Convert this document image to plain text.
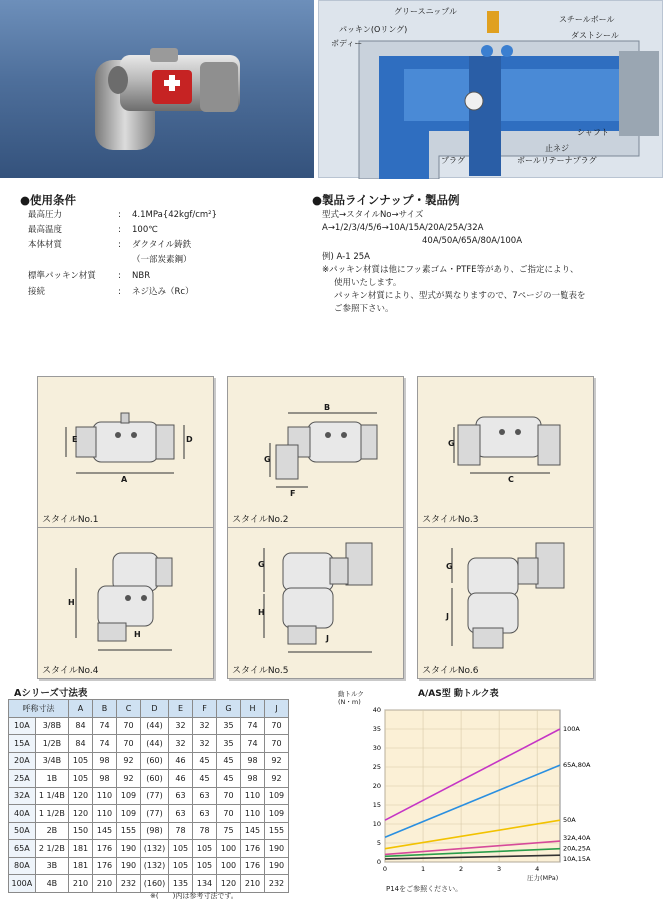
グリースニップル
パッキン(Oリング)
ボディー
スチールボール
ダストシール
シャフト
止ネジ
ボールリテーナプラグ
プラグ
●使用条件
最高圧力	: 4.1MPa{42kgf/cm²}
最高温度	: 100℃
本体材質	: ダクタイル鋳鉄
（一部炭素鋼）
標準パッキン材質	: NBR
接続	: ネジ込み（Rc）
●製品ラインナップ・製品例
型式→スタイルNo→サイズ
A→1/2/3/4/5/6→10A/15A/20A/25A/32A
40A/50A/65A/80A/100A
例) A-1 25A
※パッキン材質は他にフッ素ゴム・PTFE等があり、ご指定により、
使用いたします。
パッキン材質により、型式が異なりますので、7ページの一覧表を
ご参照下さい。
E	D
A
スタイルNo.1
B
G
F
スタイルNo.2
G
C
スタイルNo.3
H
H
スタイルNo.4
G
H
J
スタイルNo.5
G
J
スタイルNo.6
Aシリーズ寸法表
呼称寸法		A	B	C	D	E	F	G	H	J
10A	3/8B	84	74	70	(44)	32	32	35	74	70
15A	1/2B	84	74	70	(44)	32	32	35	74	70
20A	3/4B	105	98	92	(60)	46	45	45	98	92
25A	1B	105	98	92	(60)	46	45	45	98	92
32A	1 1/4B	120	110	109	(77)	63	63	70	110	109
40A	1 1/2B	120	110	109	(77)	63	63	70	110	109
50A	2B	150	145	155	(98)	78	78	75	145	155
65A	2 1/2B	181	176	190	(132)	105	105	100	176	190
80A	3B	181	176	190	(132)	105	105	100	176	190
100A	4B	210	210	232	(160)	135	134	120	210	232
※(　　)内は参考寸法です。
A/AS型 動トルク表
動トルク (N・m)
0
5
10
15
20
25
30
35
40
0	1	2	3	4
100A
65A,80A
50A
32A,40A
20A,25A
10A,15A
P14をご参照ください。
圧力(MPa)
